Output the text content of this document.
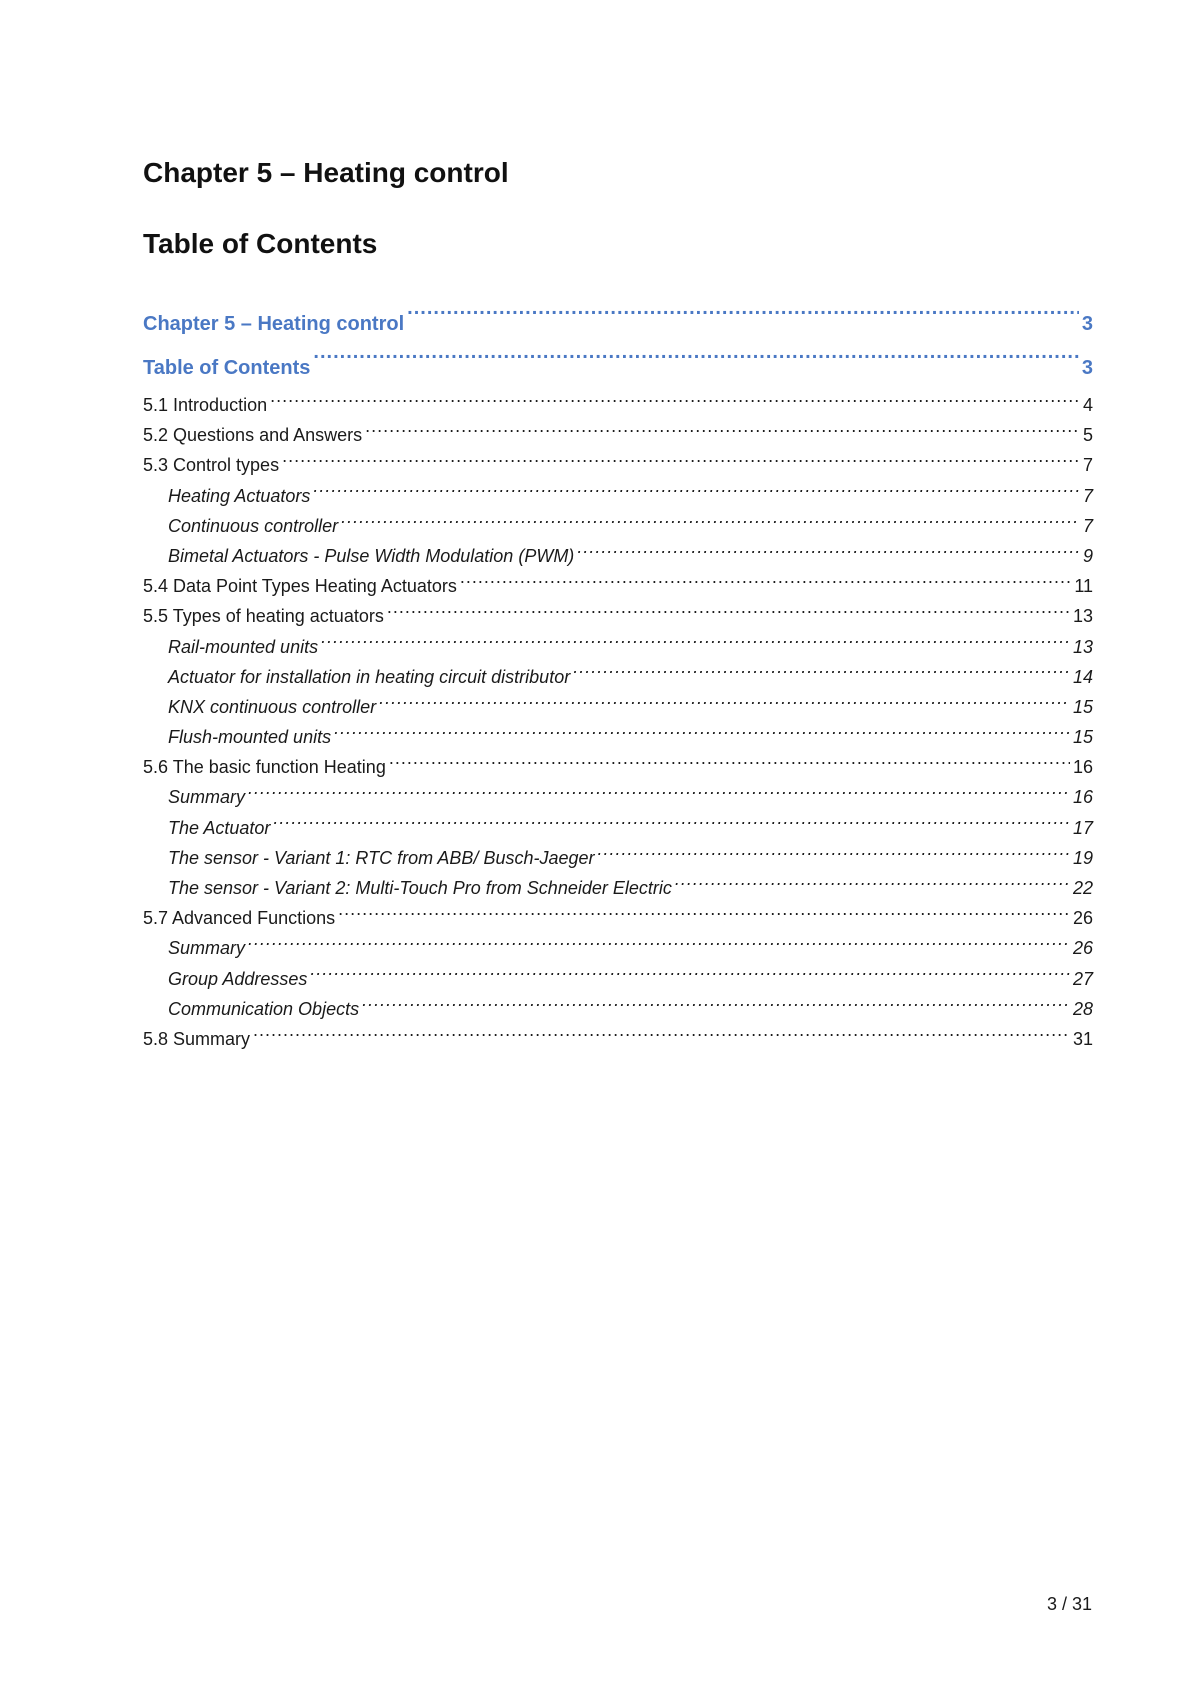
Chapter 5 – Heating control
Table of Contents
Chapter 5 – Heating control .....	3
Table of Contents .....	3
5.1 Introduction .....	4
5.2 Questions and Answers .....	5
5.3 Control types .....	7
Heating Actuators .....	7
Continuous controller .....	7
Bimetal Actuators - Pulse Width Modulation (PWM) .....	9
5.4 Data Point Types Heating Actuators .....	11
5.5 Types of heating actuators .....	13
Rail-mounted units .....	13
Actuator for installation in heating circuit distributor .....	14
KNX continuous controller .....	15
Flush-mounted units .....	15
5.6 The basic function Heating .....	16
Summary .....	16
The Actuator .....	17
The sensor - Variant 1: RTC from ABB/ Busch-Jaeger .....	19
The sensor - Variant 2: Multi-Touch Pro from Schneider Electric .....	22
5.7 Advanced Functions .....	26
Summary .....	26
Group Addresses .....	27
Communication Objects .....	28
5.8 Summary .....	31
3 / 31
